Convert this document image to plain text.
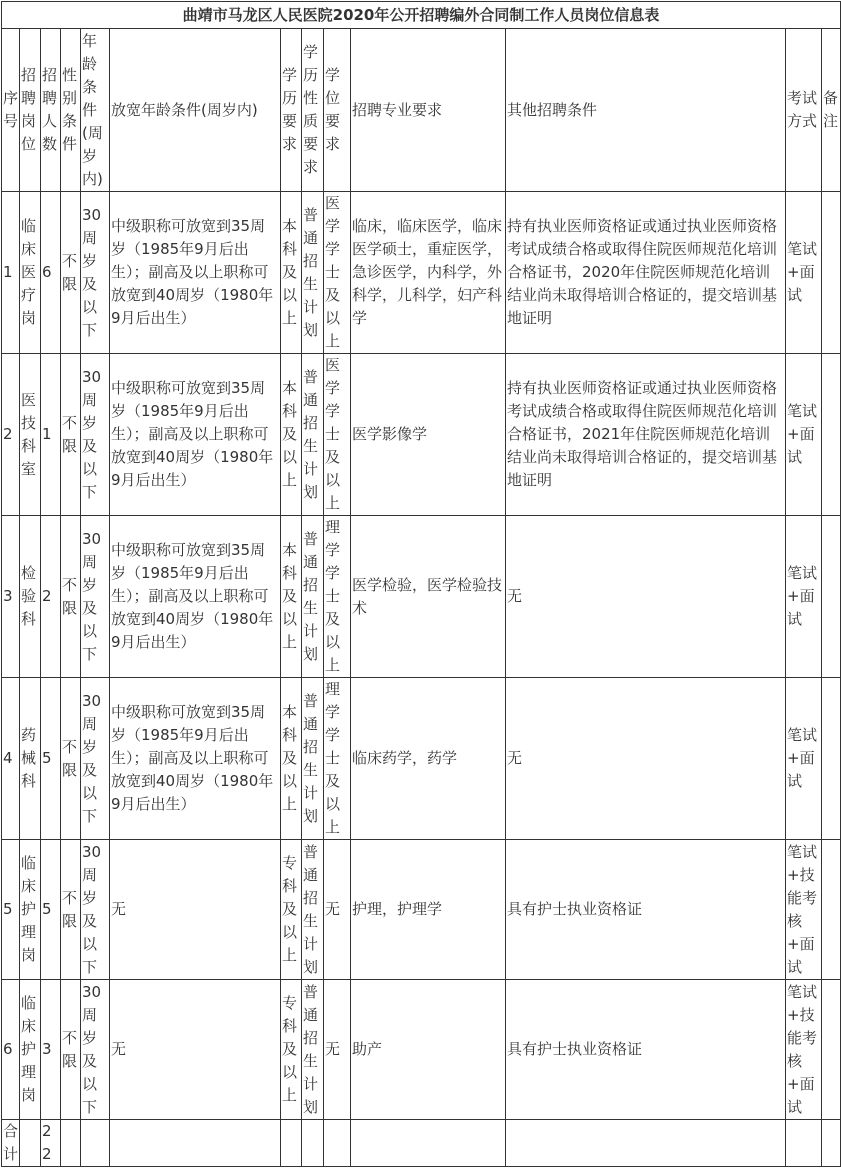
曲靖市马龙区人民医院2020年公开招聘编外合同制工作人员岗位信息表												
序号	招聘岗位	招聘人数	性别条件	年龄条件(周岁内)	放宽年龄条件(周岁内)	学历要求	学历性质要求	学位要求	招聘专业要求	其他招聘条件	考试方式	备注
1	临床医疗岗	6	不限	30周岁及以下	中级职称可放宽到35周岁（1985年9月后出生）；副高及以上职称可放宽到40周岁（1980年9月后出生）	本科及以上	普通招生计划	医学学士及以上	临床，临床医学，临床医学硕士，重症医学，急诊医学，内科学，外科学，儿科学，妇产科学	持有执业医师资格证或通过执业医师资格考试成绩合格或取得住院医师规范化培训合格证书，2020年住院医师规范化培训结业尚未取得培训合格证的，提交培训基地证明	笔试+面试	
2	医技科室	1	不限	30周岁及以下	中级职称可放宽到35周岁（1985年9月后出生）；副高及以上职称可放宽到40周岁（1980年9月后出生）	本科及以上	普通招生计划	医学学士及以上	医学影像学	持有执业医师资格证或通过执业医师资格考试成绩合格或取得住院医师规范化培训合格证书，2021年住院医师规范化培训结业尚未取得培训合格证的，提交培训基地证明	笔试+面试	
3	检验科	2	不限	30周岁及以下	中级职称可放宽到35周岁（1985年9月后出生）；副高及以上职称可放宽到40周岁（1980年9月后出生）	本科及以上	普通招生计划	理学学士及以上	医学检验，医学检验技术	无	笔试+面试	
4	药械科	5	不限	30周岁及以下	中级职称可放宽到35周岁（1985年9月后出生）；副高及以上职称可放宽到40周岁（1980年9月后出生）	本科及以上	普通招生计划	理学学士及以上	临床药学，药学	无	笔试+面试	
5	临床护理岗	5	不限	30周岁及以下	无	专科及以上	普通招生计划	无	护理，护理学	具有护士执业资格证	笔试+技能考核+面试	
6	临床护理岗	3	不限	30周岁及以下	无	专科及以上	普通招生计划	无	助产	具有护士执业资格证	笔试+技能考核+面试	
合计		22										
